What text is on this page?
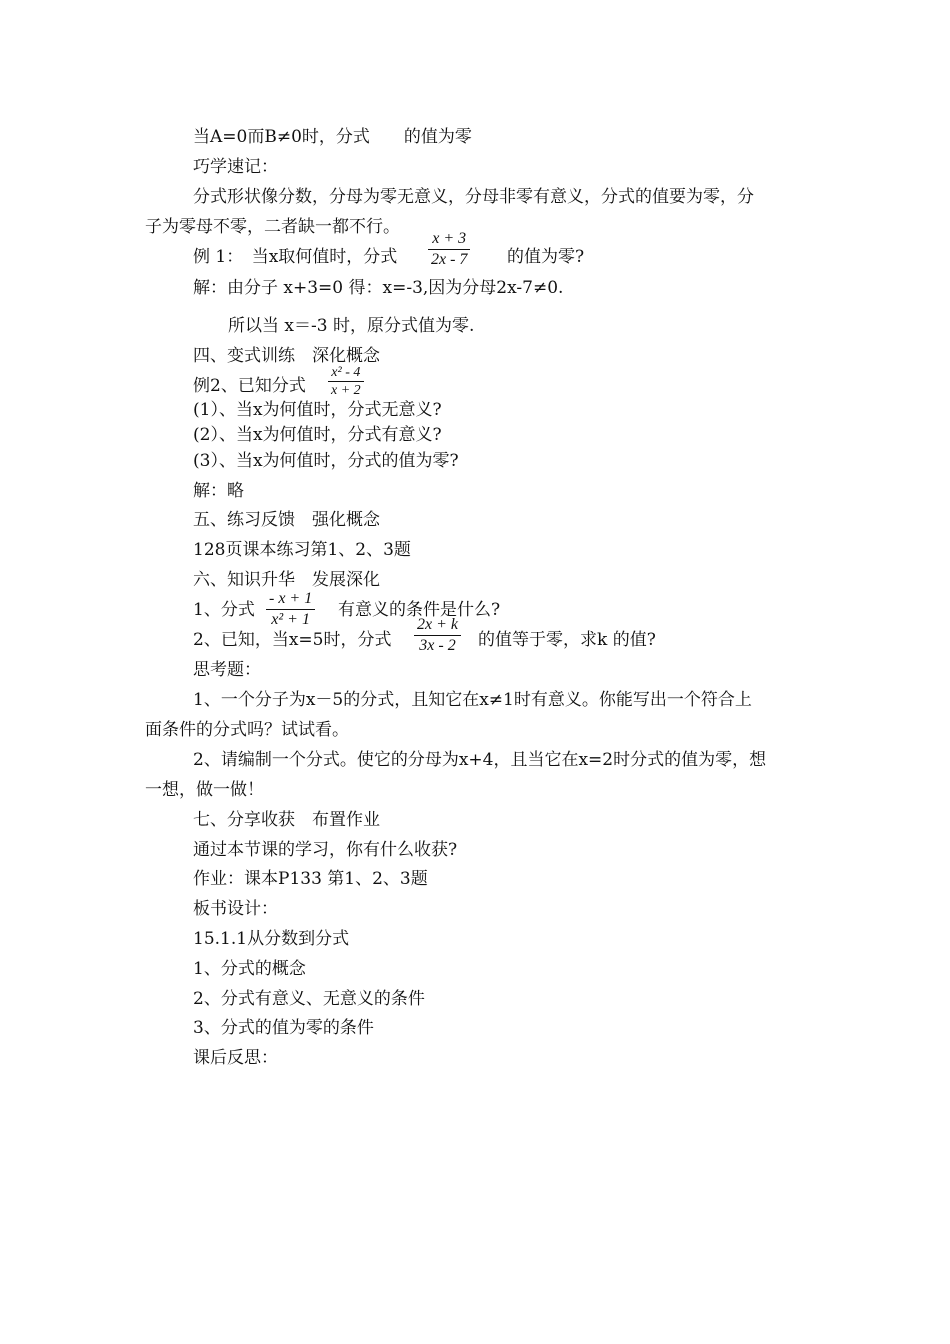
当A=0而B≠0时，分式　　的值为零
巧学速记：
分式形状像分数，分母为零无意义，分母非零有意义，分式的值要为零，分
子为零母不零，二者缺一都不行。
例 1：　当x取何值时，分式
x + 3
2x - 7 的值为零?
解：由分子 x+3=0 得：x=-3,因为分母2x-7≠0.
所以当 x＝-3 时，原分式值为零.
四、变式训练　深化概念
例2、已知分式
x² - 4
x + 2
(1）、当x为何值时，分式无意义?
(2）、当x为何值时，分式有意义?
(3）、当x为何值时，分式的值为零?
解：略
五、练习反馈　强化概念
128页课本练习第1、2、3题
六、知识升华　发展深化
1、分式
- x + 1
x² + 1	有意义的条件是什么?
2、已知，当x=5时，分式
2x + k
3x - 2	的值等于零，求k 的值?
思考题：
1、一个分子为x－5的分式，且知它在x≠1时有意义。你能写出一个符合上
面条件的分式吗？试试看。
2、请编制一个分式。使它的分母为x+4，且当它在x=2时分式的值为零，想
一想，做一做！
七、分享收获　布置作业
通过本节课的学习，你有什么收获?
作业：课本P133 第1、2、3题
板书设计：
15.1.1从分数到分式
1、分式的概念
2、分式有意义、无意义的条件
3、分式的值为零的条件
课后反思：
